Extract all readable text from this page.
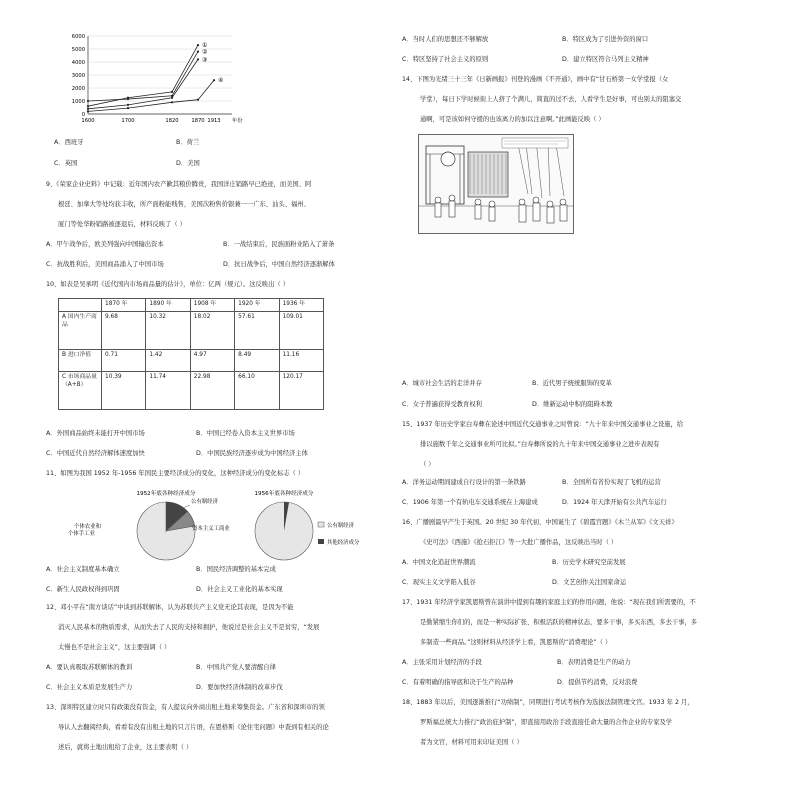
6000
5000
4000
3000
2000
1000
0
1600	1700	1820 1870 1913 年份
①
②
③
④
A．西班牙	B．荷兰
C．英国	D．美国
9、《荣家企业史料》中记载：近年国内农产歉其粮价腾贵，我国洋庄销路早已绝迹，而美国、阿
根廷、加拿大等处均获丰收，所产面粉能贱售，美国次粉售价银兼一一广东、汕头、福州、
厦门等处华粉销路被逐退后，材料反映了（ ）
A．甲午战争后，欧美列强向中国输出资本	B．一战结束后，民族面粉业陷入了萧条
C．抗战胜利后，美国商品涌入了中国市场	D．抗日战争后，中国自然经济逐渐解体
10、如表是吴承明《近代国内市场商品量的估计》，单位：亿两（规元）。这反映出（ ）
	1870 年	1890 年	1908 年	1920 年	1936 年
A 国内生产商品	9.68	10.32	18.02	57.61	109.01
B 进口净值	0.71	1.42	4.97	8.49	11.16
C 市场商品量（A+B）	10.39	11.74	22.98	66.10	120.17
A．外国商品始终未能打开中国市场	B．中国已经卷入资本主义世界市场
C．中国近代自然经济解体速度加快	D．中国民族经济逐步成为中国经济主体
11、如图为我国 1952 年-1956 年国民主要经济成分的变化，这种经济成分的变化标志（ ）
1952年底各种经济成分
公有制经济
资本主义工商业
个体农业和 个体手工业
1956年底各种经济成分
公有制经济
其他经济成分
A．社会主义制度基本确立	B．国民经济调整的基本完成
C．新生人民政权得到巩固	D．社会主义工业化的基本实现
12、邓小平在“南方谈话”中谈到苏联解体，认为苏联共产主义党无论其表现，是因为不能
消灭人民基本的物质需求，从而失去了人民的支持和拥护，他说过是社会主义不是贫穷，“发展
太慢也不是社会主义”，这主要强调（ ）
A．要认真吸取苏联解体的教训	B．中国共产党人要清醒自律
C．社会主义本质是发展生产力	D．要加快经济体制的改革步伐
13、深圳特区建立时只有政策没有资金，有人提议向外商出租土地来筹集资金。广东省和深圳市的领
导认人去翻阅经典，看看有没有出租土地的只言片语，在恩格斯《论住宅问题》中查到有相关的论
述后，就将土地出租给了企业，这主要表明（ ）
A．当时人们的思想还不够解放	B．特区成为了引进外资的窗口
C．特区坚持了社会主义的原则	D．建立特区符合马列主义精神
14、下图为光绪三十三年《日新画报》刊登的漫画《不开通》，画中有“甘石桥第一女学堂报（女
学堂），每日下学时候街上人挤了个满儿，简直的过不去，人看学生是好事，可也别太的阻塞交
通啊，可是该如何守援的也该离力的加以注意啊。”此画能反映（ ）
A．城市社会生活的走洋并存	B．近代男子统统服饰的变革
C．女子普遍获得受教育权利	D．维新运动中积的阻碍本教
15、1937 年历史学家白寿彝在论述中国近代交通事业之时曾说：“九十年来中国交通事业之设施，给
排以施数千年之交通事业所可比拟。”白寿彝所说的九十年来中国交通事业之进步表现有
（ ）
A．洋务运动期间建成自行设计的第一条铁路	B．全国所有省份实现了飞机的运营
C．1906 年第一个有轨电车交通系统在上海建成	D．1924 年天津开始有公共汽车运行
16、广播剧最早产生于英国。20 世纪 30 年代初，中国诞生了《碧霞宫题》《木兰从军》《文天祥》
《史可法》《西施》《抢石拒江》等一大批广播作品，这反映出当时（ ）
A．中国文化追赶世界潮流	B．历史学术研究空前发展
C．现实主义文学陷入低谷	D．文艺创作关注国家命运
17、1931 年经济学家凯恩斯曾在演讲中提到有趣的家庭主妇的作用问题，他说：“现在我们所需要的，不
是勤紧缩生你们的，而是一种实际扩张、积极活跃的精神状态，要多干事，多买东西，多去干事，多
多制造一些商品。”这则材料从经济学上看，凯恩斯的“消费理论”（ ）
A．主张采用计划经济的手段	B．表明消费是生产的动力
C．有着明确的指导底和决于生产的品种	D．提倡节约消费，反对浪费
18、1883 年以后，美国逐渐推行“功绩制”，同期进行考试考核作为选拔法制管理文官。1933 年 2 月，
罗斯福总统大力推行“政治庇护制”，即直接用政治手段直接任命大量的合作企业的专家及学
者为文官，材料可用来印证美国（ ）
